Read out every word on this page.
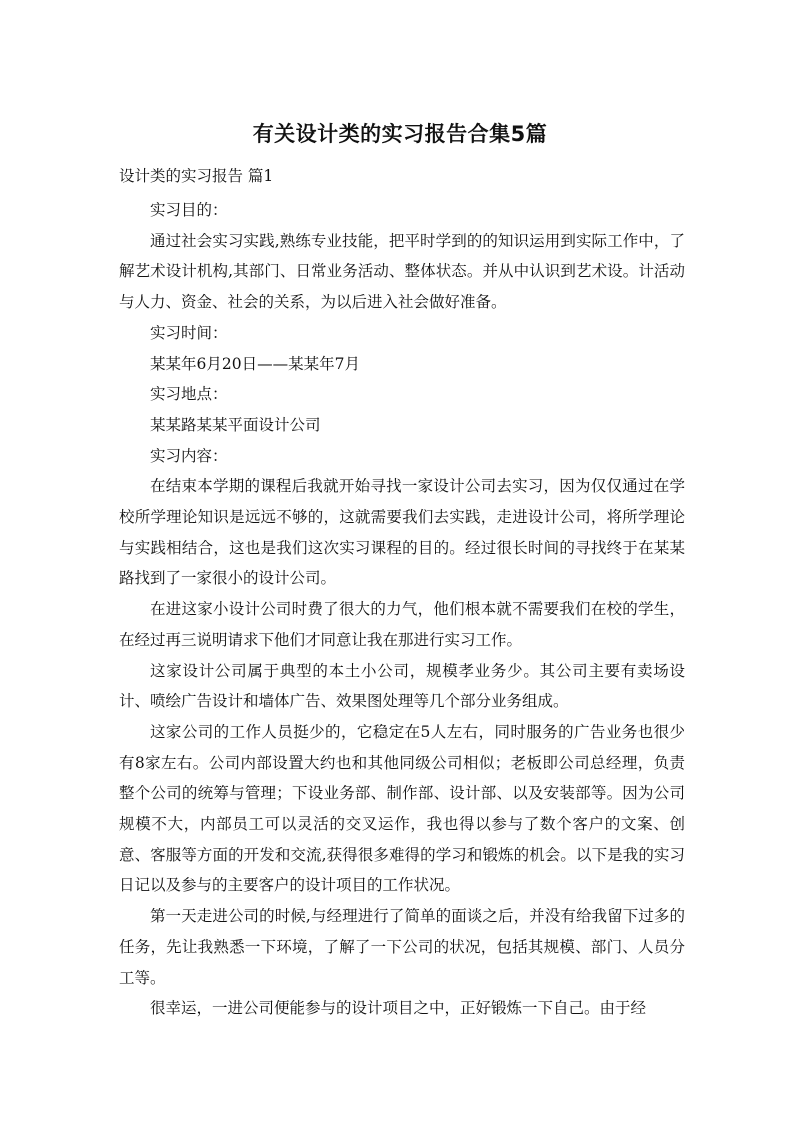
有关设计类的实习报告合集5篇
设计类的实习报告 篇1

实习目的：

通过社会实习实践,熟练专业技能，把平时学到的的知识运用到实际工作中，了解艺术设计机构,其部门、日常业务活动、整体状态。并从中认识到艺术设。计活动与人力、资金、社会的关系，为以后进入社会做好准备。

实习时间：

某某年6月20日——某某年7月

实习地点：

某某路某某平面设计公司

实习内容：

在结束本学期的课程后我就开始寻找一家设计公司去实习，因为仅仅通过在学校所学理论知识是远远不够的，这就需要我们去实践，走进设计公司，将所学理论与实践相结合，这也是我们这次实习课程的目的。经过很长时间的寻找终于在某某路找到了一家很小的设计公司。

在进这家小设计公司时费了很大的力气，他们根本就不需要我们在校的学生，在经过再三说明请求下他们才同意让我在那进行实习工作。

这家设计公司属于典型的本土小公司，规模孝业务少。其公司主要有卖场设计、喷绘广告设计和墙体广告、效果图处理等几个部分业务组成。

这家公司的工作人员挺少的，它稳定在5人左右，同时服务的广告业务也很少有8家左右。公司内部设置大约也和其他同级公司相似；老板即公司总经理，负责整个公司的统筹与管理；下设业务部、制作部、设计部、以及安装部等。因为公司规模不大，内部员工可以灵活的交叉运作，我也得以参与了数个客户的文案、创意、客服等方面的开发和交流,获得很多难得的学习和锻炼的机会。以下是我的实习日记以及参与的主要客户的设计项目的工作状况。

第一天走进公司的时候,与经理进行了简单的面谈之后，并没有给我留下过多的任务，先让我熟悉一下环境，了解了一下公司的状况，包括其规模、部门、人员分工等。

很幸运，一进公司便能参与的设计项目之中，正好锻炼一下自己。由于经
